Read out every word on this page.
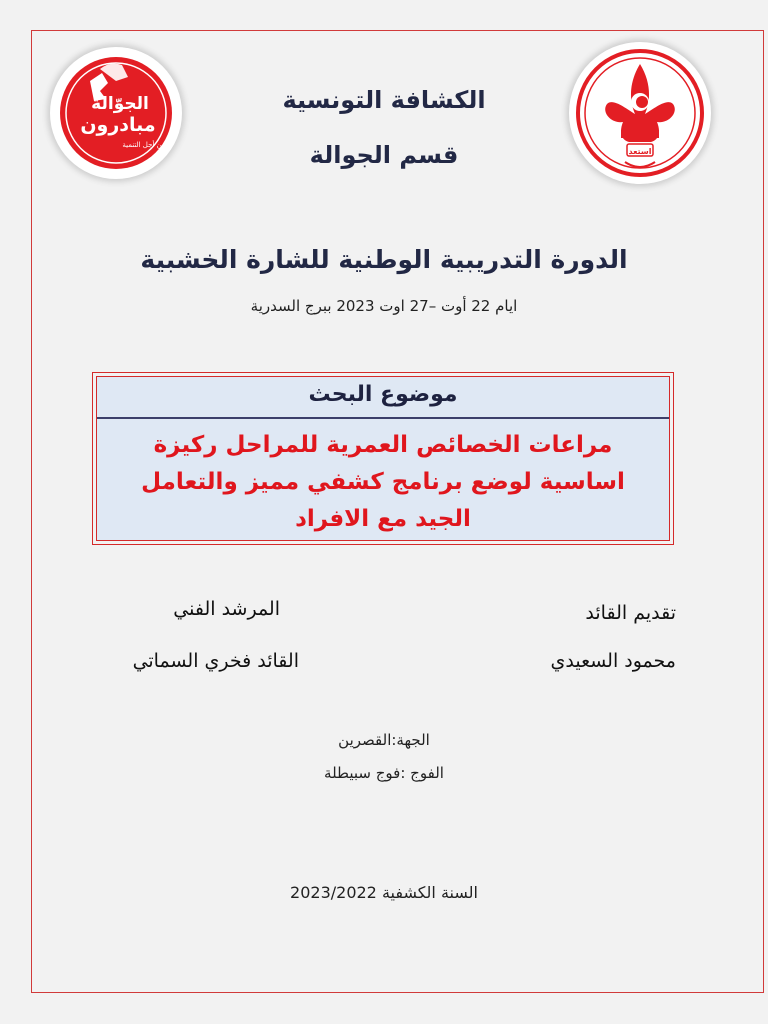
الجوّالة
مبادرون
من أجل التنمية
استعد
الكشافة التونسية
قسم الجوالة
الدورة التدريبية الوطنية للشارة الخشبية
ايام 22 أوت –27 اوت 2023 ببرج السدرية
موضوع البحث
مراعات الخصائص العمرية للمراحل ركيزة
اساسية لوضع برنامج كشفي مميز والتعامل
الجيد مع الافراد
تقديم القائد
محمود السعيدي
المرشد الفني
القائد فخري السماتي
الجهة:القصرين
الفوج :فوج سبيطلة
السنة الكشفية 2023/2022
